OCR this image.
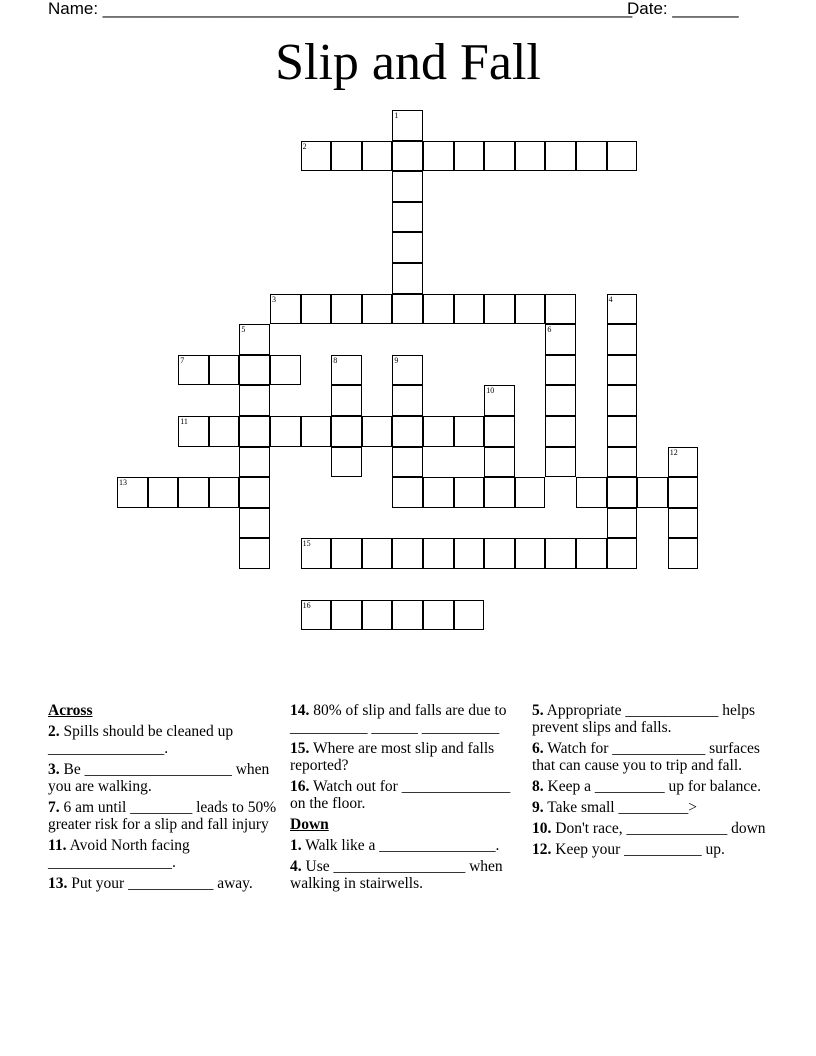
Name: ________________________________________________________
Date: _______
Slip and Fall
1
2
3	4
5	6
7	8	9
10
11
12
13
15
16
Across
2. Spills should be cleaned up _______________.
3. Be ___________________ when you are walking.
7. 6 am until ________ leads to 50% greater risk for a slip and fall injury
11. Avoid North facing ________________.
13. Put your ___________ away.
14. 80% of slip and falls are due to __________ ______ __________
15. Where are most slip and falls reported?
16. Watch out for ______________ on the floor.
Down
1. Walk like a _______________.
4. Use _________________ when walking in stairwells.
5. Appropriate ____________ helps prevent slips and falls.
6. Watch for ____________ surfaces that can cause you to trip and fall.
8. Keep a _________ up for balance.
9. Take small _________>
10. Don't race, _____________ down
12. Keep your __________ up.
